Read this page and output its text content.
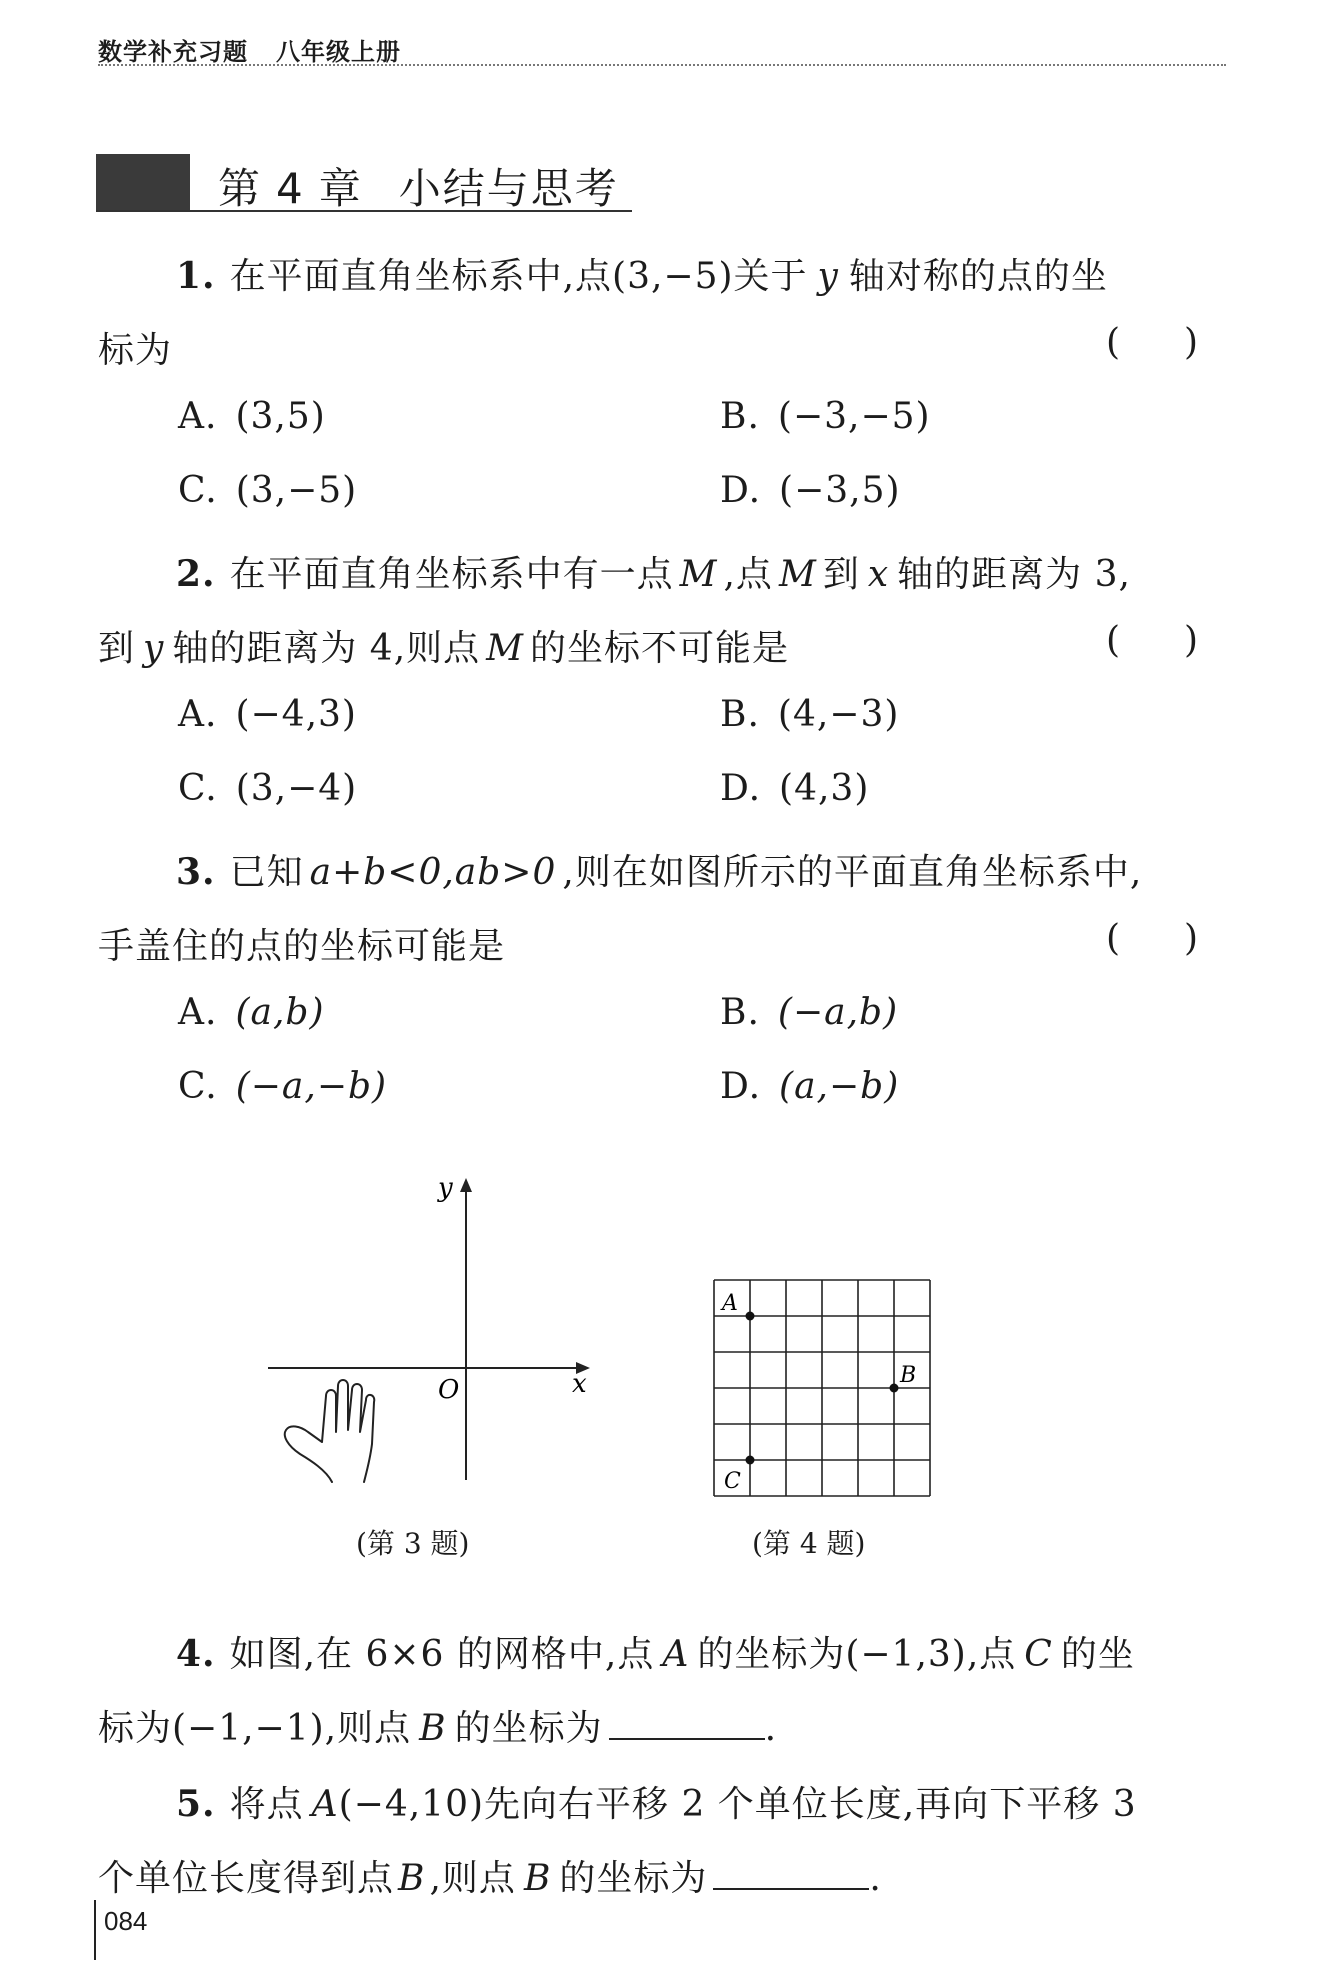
数学补充习题 八年级上册
第 4 章 小结与思考
1. 在平面直角坐标系中,点(3,−5)关于 y 轴对称的点的坐
标为	( )
A. (3,5)	B. (−3,−5)
C. (3,−5)	D. (−3,5)
2. 在平面直角坐标系中有一点 M ,点 M 到 x 轴的距离为 3,
到 y 轴的距离为 4,则点 M 的坐标不可能是	( )
A. (−4,3)	B. (4,−3)
C. (3,−4)	D. (4,3)
3. 已知 a+b<0,ab>0 ,则在如图所示的平面直角坐标系中,
手盖住的点的坐标可能是	( )
A. (a,b)	B. (−a,b)
C. (−a,−b)	D. (a,−b)
y
x
O
(第 3 题)
A
B
C
(第 4 题)
4. 如图,在 6×6 的网格中,点 A 的坐标为(−1,3),点 C 的坐
标为(−1,−1),则点 B 的坐标为	.
5. 将点 A(−4,10)先向右平移 2 个单位长度,再向下平移 3
个单位长度得到点 B ,则点 B 的坐标为	.
084
